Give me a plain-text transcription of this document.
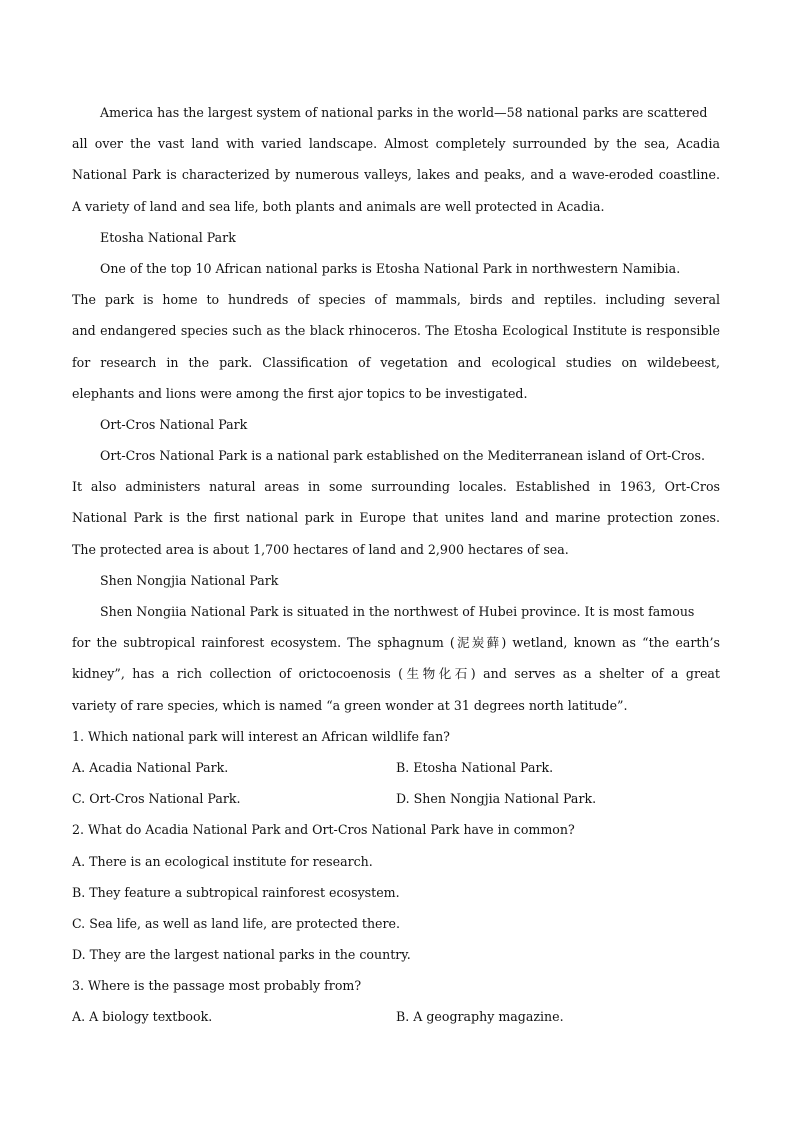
America has the largest system of national parks in the world—58 national parks are scattered
all over the vast land with varied landscape. Almost completely surrounded by the sea, Acadia
National Park is characterized by numerous valleys, lakes and peaks, and a wave-eroded coastline.
A variety of land and sea life, both plants and animals are well protected in Acadia.
Etosha National Park
One of the top 10 African national parks is Etosha National Park in northwestern Namibia.
The park is home to hundreds of species of mammals, birds and reptiles. including several
and endangered species such as the black rhinoceros. The Etosha Ecological Institute is responsible
for research in the park. Classification of vegetation and ecological studies on wildebeest,
elephants and lions were among the first ajor topics to be investigated.
Ort-Cros National Park
Ort-Cros National Park is a national park established on the Mediterranean island of Ort-Cros.
It also administers natural areas in some surrounding locales. Established in 1963, Ort-Cros
National Park is the first national park in Europe that unites land and marine protection zones.
The protected area is about 1,700 hectares of land and 2,900 hectares of sea.
Shen Nongjia National Park
Shen Nongiia National Park is situated in the northwest of Hubei province. It is most famous
for the subtropical rainforest ecosystem. The sphagnum (泥炭藓) wetland, known as “the earth’s
kidney”, has a rich collection of orictocoenosis (生物化石) and serves as a shelter of a great
variety of rare species, which is named “a green wonder at 31 degrees north latitude”.
1. Which national park will interest an African wildlife fan?
A. Acadia National Park.	B. Etosha National Park.
C. Ort-Cros National Park.	D. Shen Nongjia National Park.
2. What do Acadia National Park and Ort-Cros National Park have in common?
A. There is an ecological institute for research.
B. They feature a subtropical rainforest ecosystem.
C. Sea life, as well as land life, are protected there.
D. They are the largest national parks in the country.
3. Where is the passage most probably from?
A. A biology textbook.	B. A geography magazine.
